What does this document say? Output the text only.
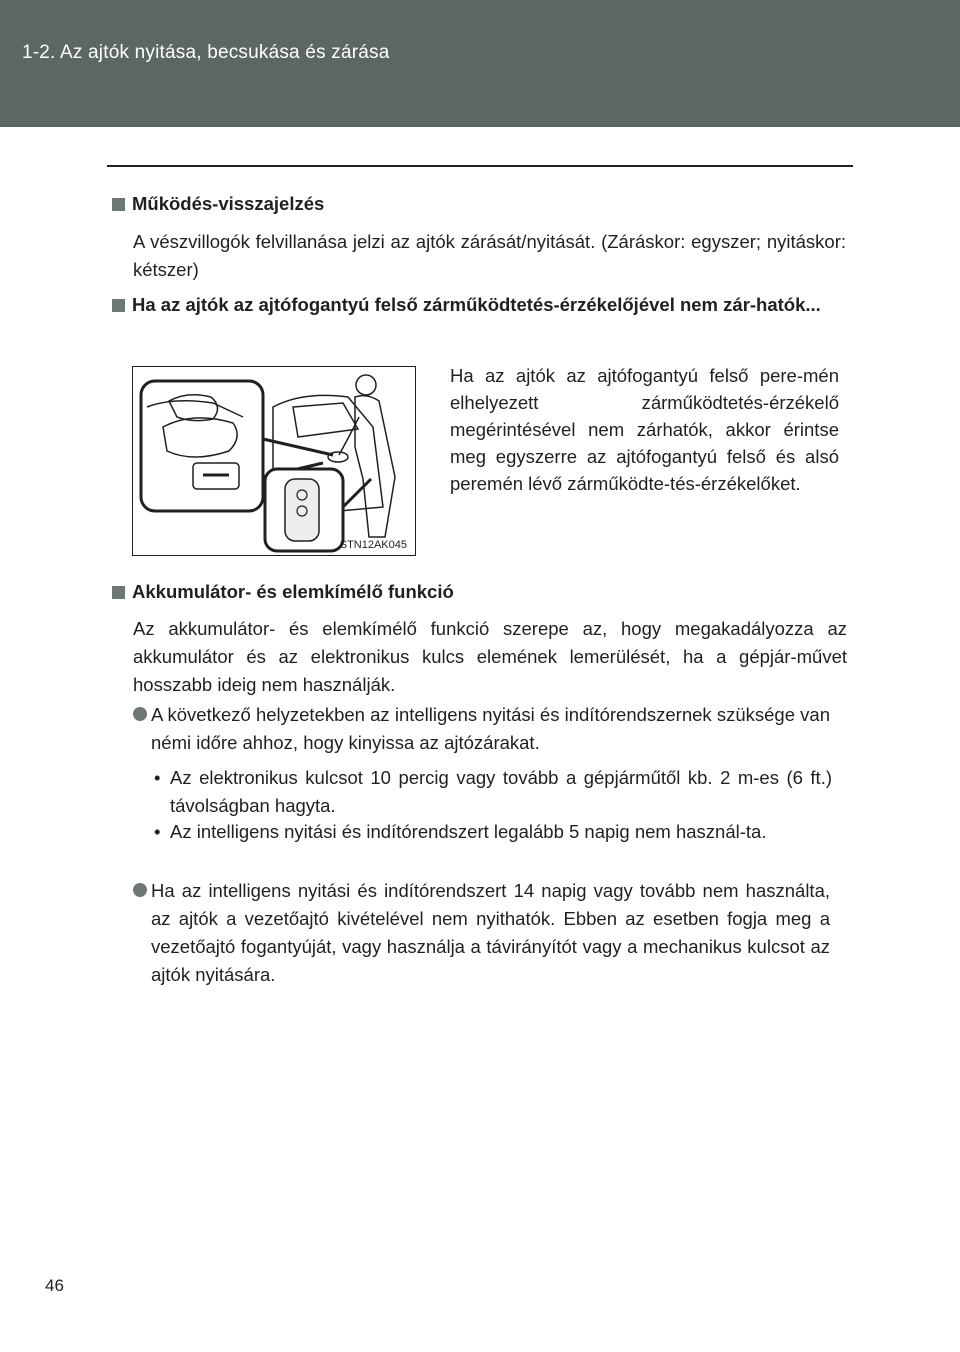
1-2. Az ajtók nyitása, becsukása és zárása
Működés-visszajelzés
A vészvillogók felvillanása jelzi az ajtók zárását/nyitását. (Záráskor: egyszer; nyitáskor: kétszer)
Ha az ajtók az ajtófogantyú felső zárműködtetés-érzékelőjével nem zár-hatók...
STN12AK045
Ha az ajtók az ajtófogantyú felső pere-mén elhelyezett zárműködtetés-érzékelő megérintésével nem zárhatók, akkor érintse meg egyszerre az ajtófogantyú felső és alsó peremén lévő zárműködte-tés-érzékelőket.
Akkumulátor- és elemkímélő funkció
Az akkumulátor- és elemkímélő funkció szerepe az, hogy megakadályozza az akkumulátor és az elektronikus kulcs elemének lemerülését, ha a gépjár-művet hosszabb ideig nem használják.
A következő helyzetekben az intelligens nyitási és indítórendszernek szüksége van némi időre ahhoz, hogy kinyissa az ajtózárakat.
• Az elektronikus kulcsot 10 percig vagy tovább a gépjárműtől kb. 2 m-es (6 ft.) távolságban hagyta.
• Az intelligens nyitási és indítórendszert legalább 5 napig nem használ-ta.
Ha az intelligens nyitási és indítórendszert 14 napig vagy tovább nem használta, az ajtók a vezetőajtó kivételével nem nyithatók. Ebben az esetben fogja meg a vezetőajtó fogantyúját, vagy használja a távirányítót vagy a mechanikus kulcsot az ajtók nyitására.
46
